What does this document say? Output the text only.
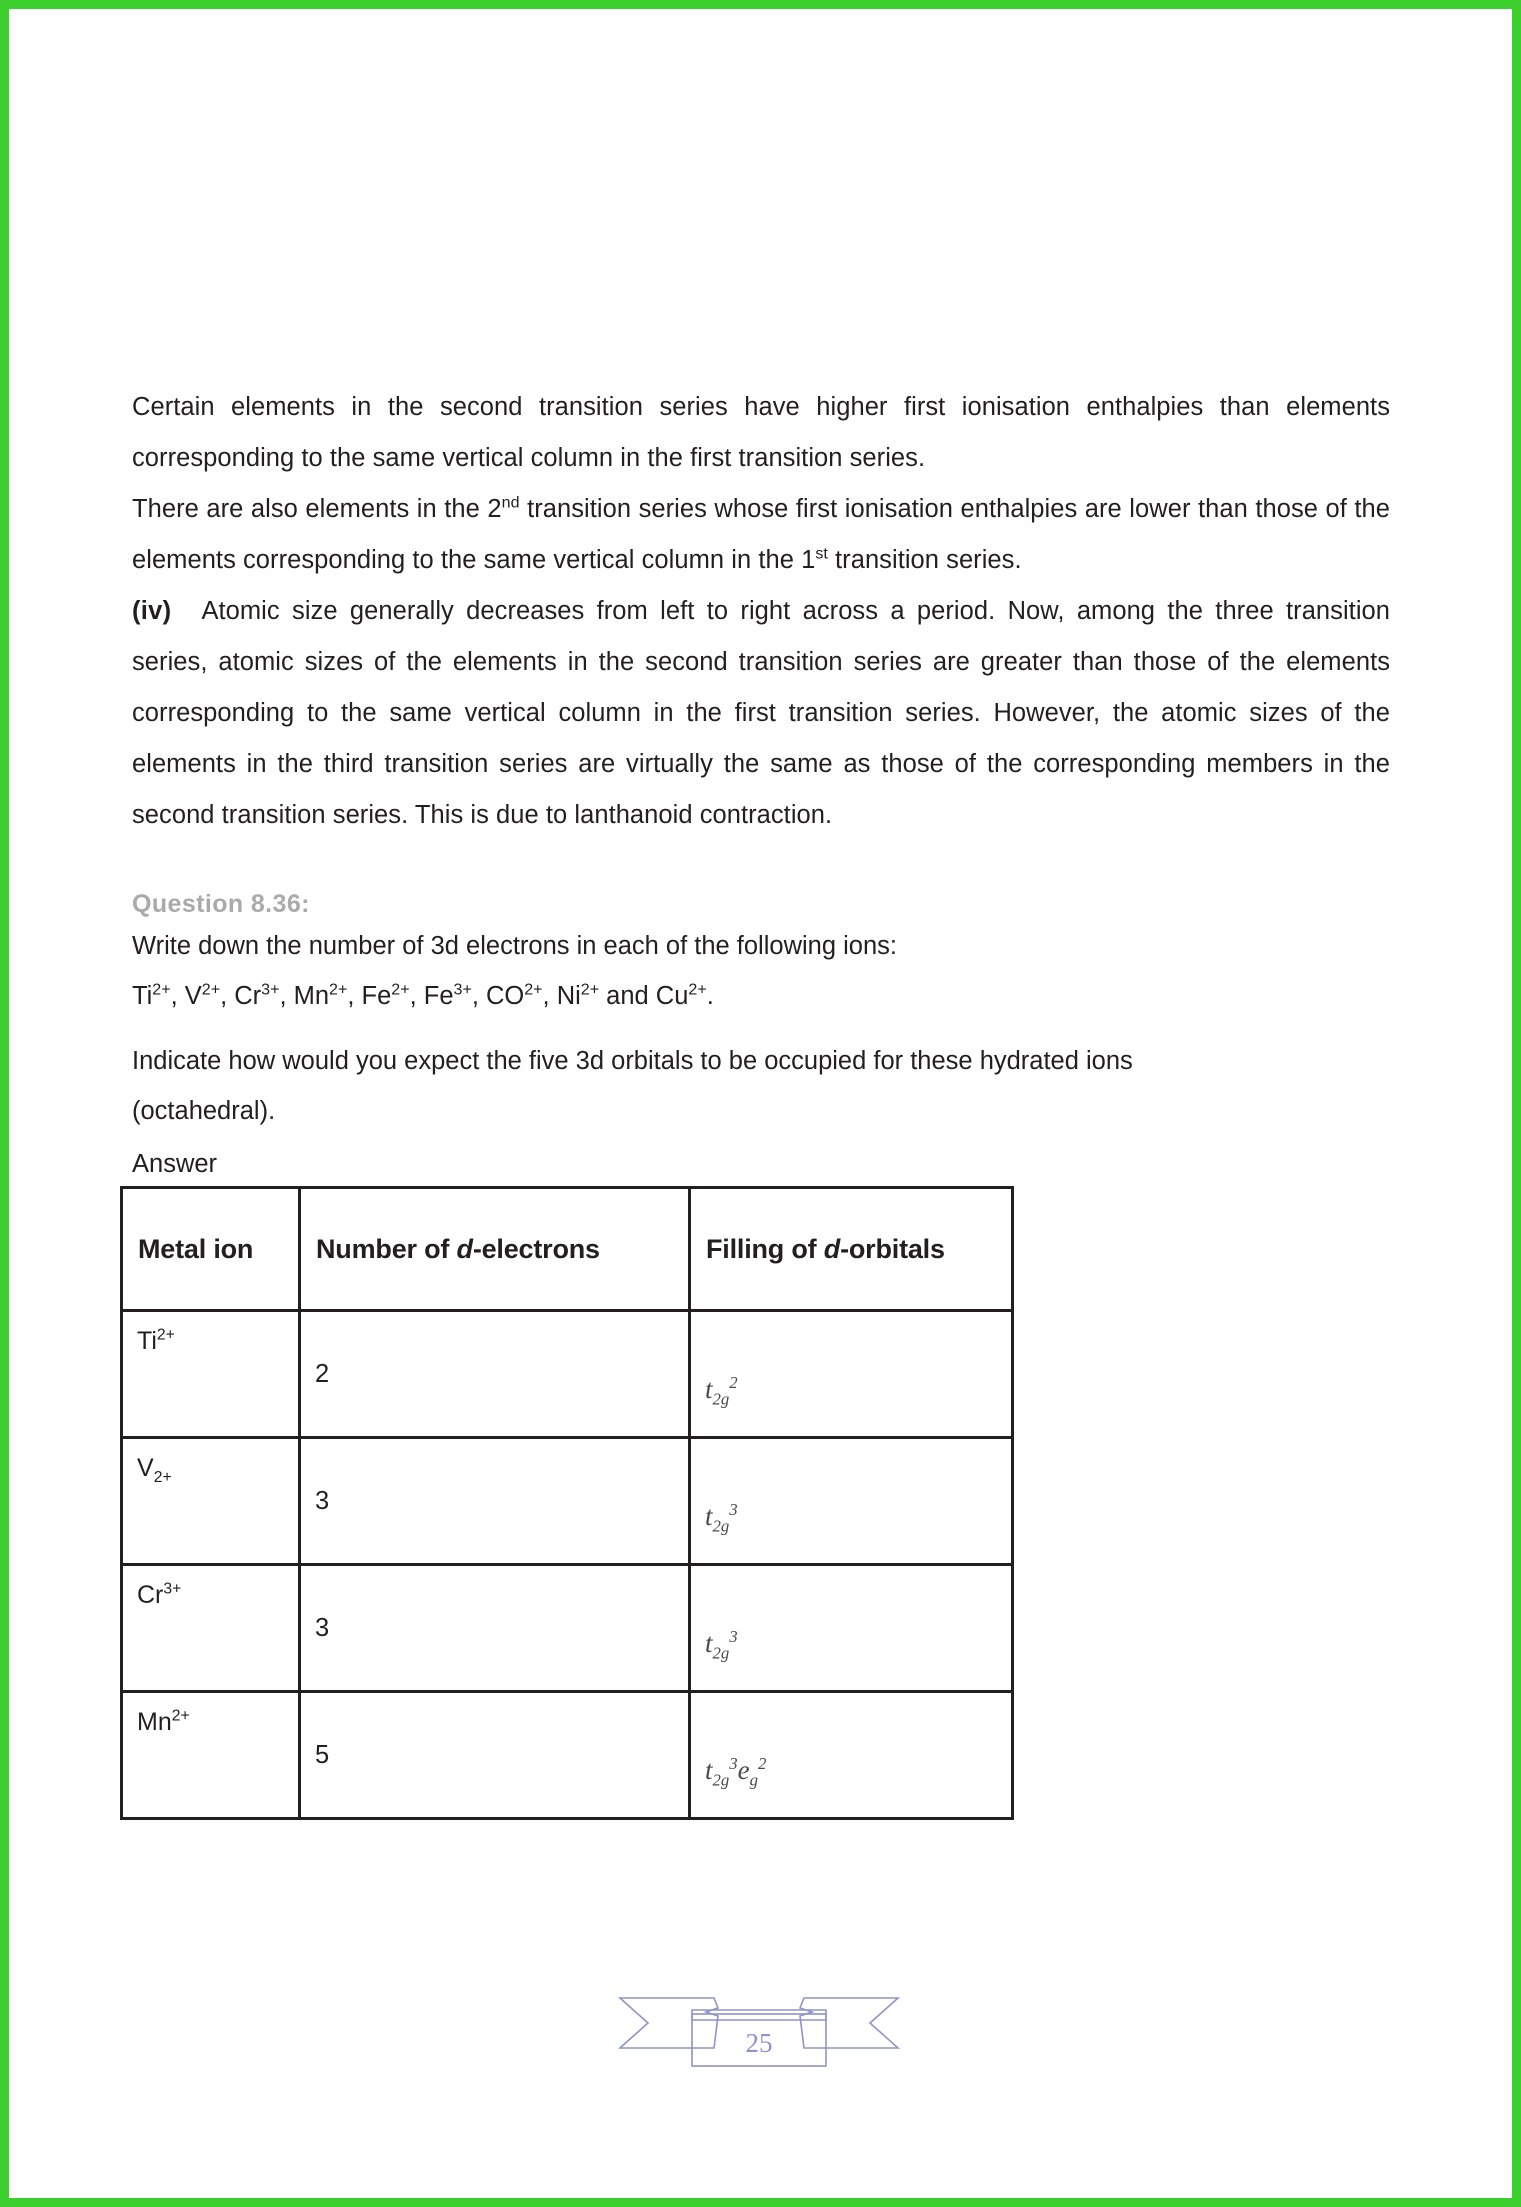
Certain elements in the second transition series have higher first ionisation enthalpies than elements corresponding to the same vertical column in the first transition series.

There are also elements in the 2nd transition series whose first ionisation enthalpies are lower than those of the elements corresponding to the same vertical column in the 1st transition series.

(iv) Atomic size generally decreases from left to right across a period. Now, among the three transition series, atomic sizes of the elements in the second transition series are greater than those of the elements corresponding to the same vertical column in the first transition series. However, the atomic sizes of the elements in the third transition series are virtually the same as those of the corresponding members in the second transition series. This is due to lanthanoid contraction.

Question 8.36:
Write down the number of 3d electrons in each of the following ions:
$Ti^{2+}$, $V^{2+}$, $Cr^{3+}$, $Mn^{2+}$, $Fe^{2+}$, $Fe^{3+}$, $CO^{2+}$, $Ni^{2+}$ and $Cu^{2+}$.
Indicate how would you expect the five 3d orbitals to be occupied for these hydrated ions
(octahedral).
Answer
Metal ion	Number of d-electrons	Filling of d-orbitals

$Ti^{2+}$	2	$t_{2g}^2$

$V_{2+}$	3	$t_{2g}^3$

$Cr^{3+}$	3	$t_{2g}^3$

$Mn^{2+}$	5	$t_{2g}^3e_g^2$
25
